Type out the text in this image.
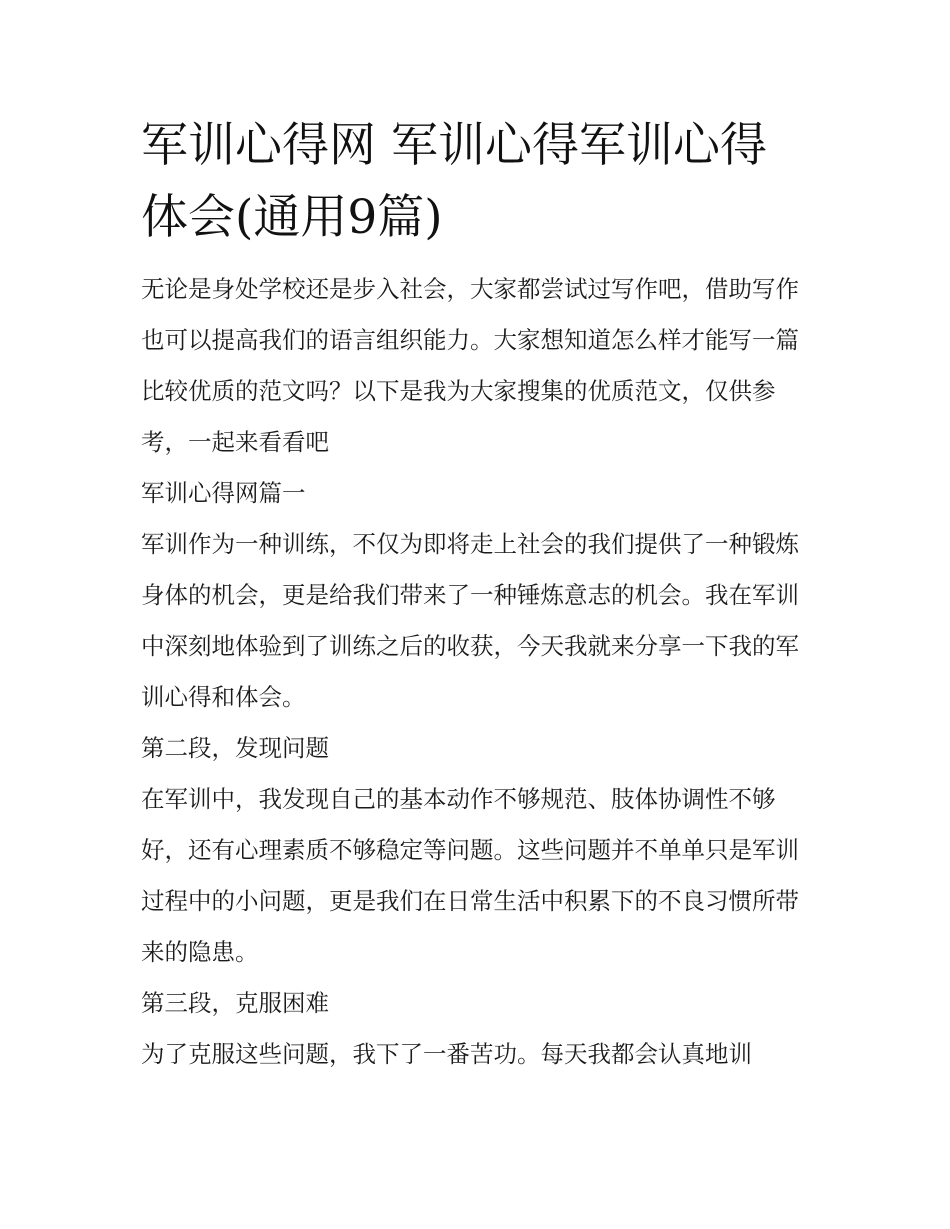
军训心得网 军训心得军训心得体会(通用9篇)

无论是身处学校还是步入社会，大家都尝试过写作吧，借助写作也可以提高我们的语言组织能力。大家想知道怎么样才能写一篇比较优质的范文吗？以下是我为大家搜集的优质范文，仅供参考，一起来看看吧

军训心得网篇一

军训作为一种训练，不仅为即将走上社会的我们提供了一种锻炼身体的机会，更是给我们带来了一种锤炼意志的机会。我在军训中深刻地体验到了训练之后的收获，今天我就来分享一下我的军训心得和体会。

第二段，发现问题

在军训中，我发现自己的基本动作不够规范、肢体协调性不够好，还有心理素质不够稳定等问题。这些问题并不单单只是军训过程中的小问题，更是我们在日常生活中积累下的不良习惯所带来的隐患。

第三段，克服困难

为了克服这些问题，我下了一番苦功。每天我都会认真地训
